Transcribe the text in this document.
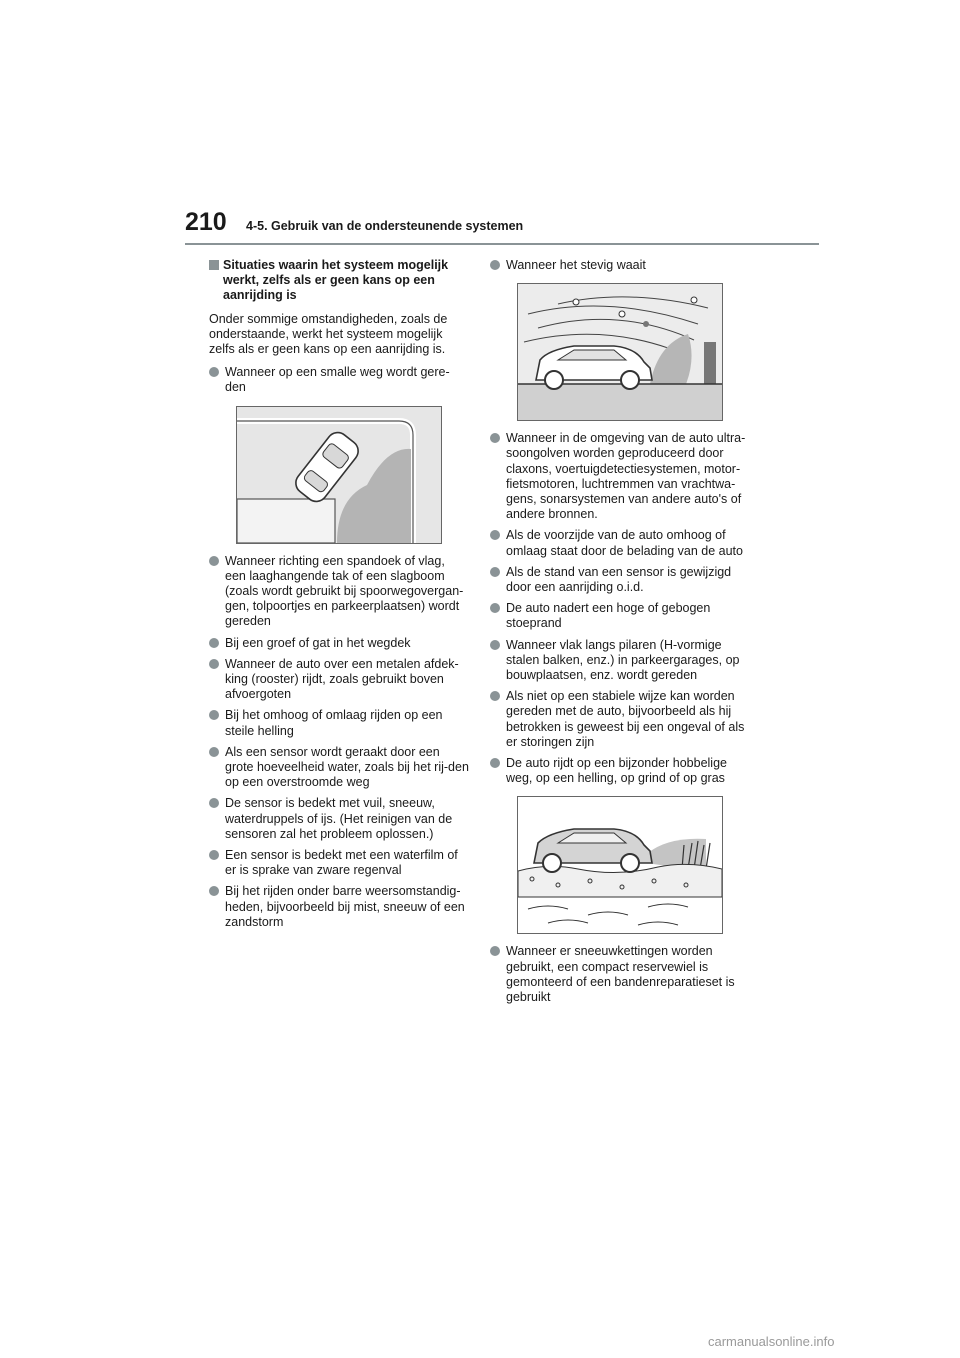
210 4-5. Gebruik van de ondersteunende systemen
Situaties waarin het systeem mogelijk werkt, zelfs als er geen kans op een aanrijding is
Onder sommige omstandigheden, zoals de onderstaande, werkt het systeem mogelijk zelfs als er geen kans op een aanrijding is.
Wanneer op een smalle weg wordt gere-den
Wanneer richting een spandoek of vlag, een laaghangende tak of een slagboom (zoals wordt gebruikt bij spoorwegovergan-gen, tolpoortjes en parkeerplaatsen) wordt gereden
Bij een groef of gat in het wegdek
Wanneer de auto over een metalen afdek-king (rooster) rijdt, zoals gebruikt boven afvoergoten
Bij het omhoog of omlaag rijden op een steile helling
Als een sensor wordt geraakt door een grote hoeveelheid water, zoals bij het rij-den op een overstroomde weg
De sensor is bedekt met vuil, sneeuw, waterdruppels of ijs. (Het reinigen van de sensoren zal het probleem oplossen.)
Een sensor is bedekt met een waterfilm of er is sprake van zware regenval
Bij het rijden onder barre weersomstandig-heden, bijvoorbeeld bij mist, sneeuw of een zandstorm
Wanneer het stevig waait
Wanneer in de omgeving van de auto ultra-soongolven worden geproduceerd door claxons, voertuigdetectiesystemen, motor-fietsmotoren, luchtremmen van vrachtwa-gens, sonarsystemen van andere auto's of andere bronnen.
Als de voorzijde van de auto omhoog of omlaag staat door de belading van de auto
Als de stand van een sensor is gewijzigd door een aanrijding o.i.d.
De auto nadert een hoge of gebogen stoeprand
Wanneer vlak langs pilaren (H-vormige stalen balken, enz.) in parkeergarages, op bouwplaatsen, enz. wordt gereden
Als niet op een stabiele wijze kan worden gereden met de auto, bijvoorbeeld als hij betrokken is geweest bij een ongeval of als er storingen zijn
De auto rijdt op een bijzonder hobbelige weg, op een helling, op grind of op gras
Wanneer er sneeuwkettingen worden gebruikt, een compact reservewiel is gemonteerd of een bandenreparatieset is gebruikt
carmanualsonline.info
